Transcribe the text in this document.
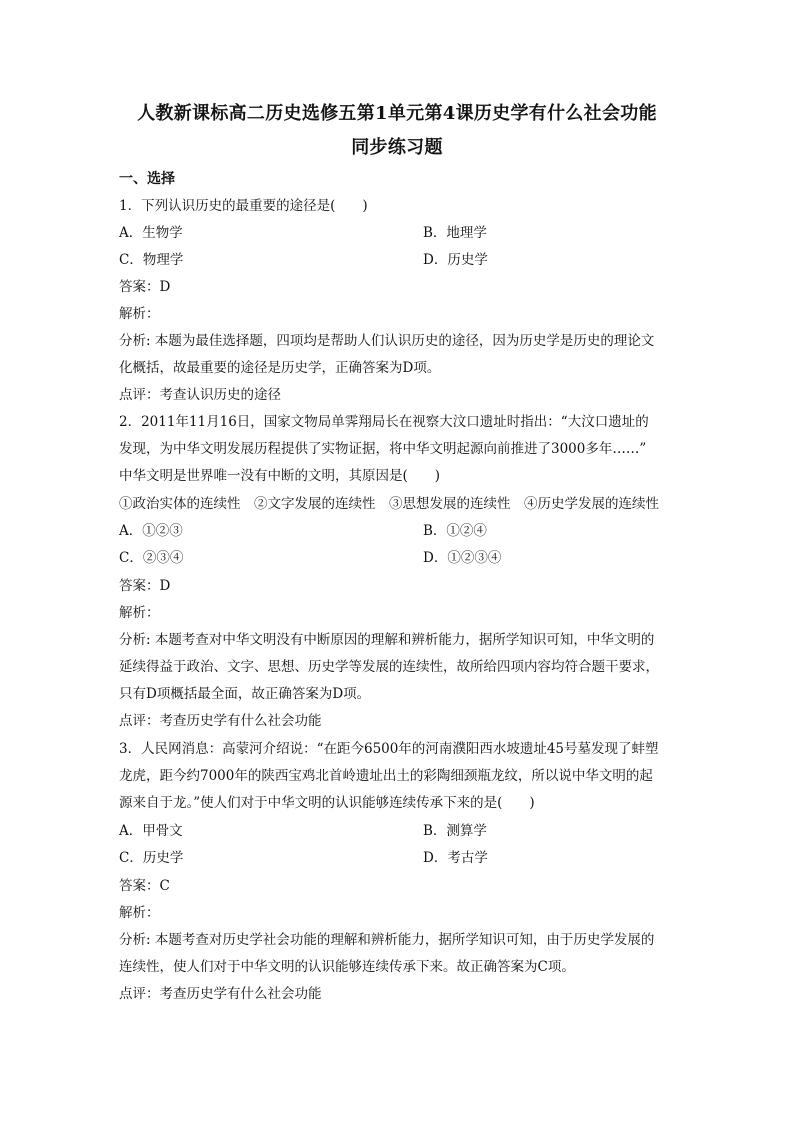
人教新课标高二历史选修五第1单元第4课历史学有什么社会功能
同步练习题
一、选择
1．下列认识历史的最重要的途径是(　　)
A．生物学	B．地理学
C．物理学	D．历史学
答案：D
解析：
分析: 本题为最佳选择题，四项均是帮助人们认识历史的途径，因为历史学是历史的理论文
化概括，故最重要的途径是历史学，正确答案为D项。
点评：考查认识历史的途径
2．2011年11月16日，国家文物局单霁翔局长在视察大汶口遗址时指出：“大汶口遗址的
发现，为中华文明发展历程提供了实物证据，将中华文明起源向前推进了3000多年……”
中华文明是世界唯一没有中断的文明，其原因是(　　)
①政治实体的连续性　②文字发展的连续性　③思想发展的连续性　④历史学发展的连续性
A．①②③	B．①②④
C．②③④	D．①②③④
答案：D
解析：
分析: 本题考查对中华文明没有中断原因的理解和辨析能力，据所学知识可知，中华文明的
延续得益于政治、文字、思想、历史学等发展的连续性，故所给四项内容均符合题干要求，
只有D项概括最全面，故正确答案为D项。
点评：考查历史学有什么社会功能
3．人民网消息：高蒙河介绍说：“在距今6500年的河南濮阳西水坡遗址45号墓发现了蚌塑
龙虎，距今约7000年的陕西宝鸡北首岭遗址出土的彩陶细颈瓶龙纹，所以说中华文明的起
源来自于龙。”使人们对于中华文明的认识能够连续传承下来的是(　　)
A．甲骨文	B．测算学
C．历史学	D．考古学
答案：C
解析：
分析: 本题考查对历史学社会功能的理解和辨析能力，据所学知识可知，由于历史学发展的
连续性，使人们对于中华文明的认识能够连续传承下来。故正确答案为C项。
点评：考查历史学有什么社会功能
